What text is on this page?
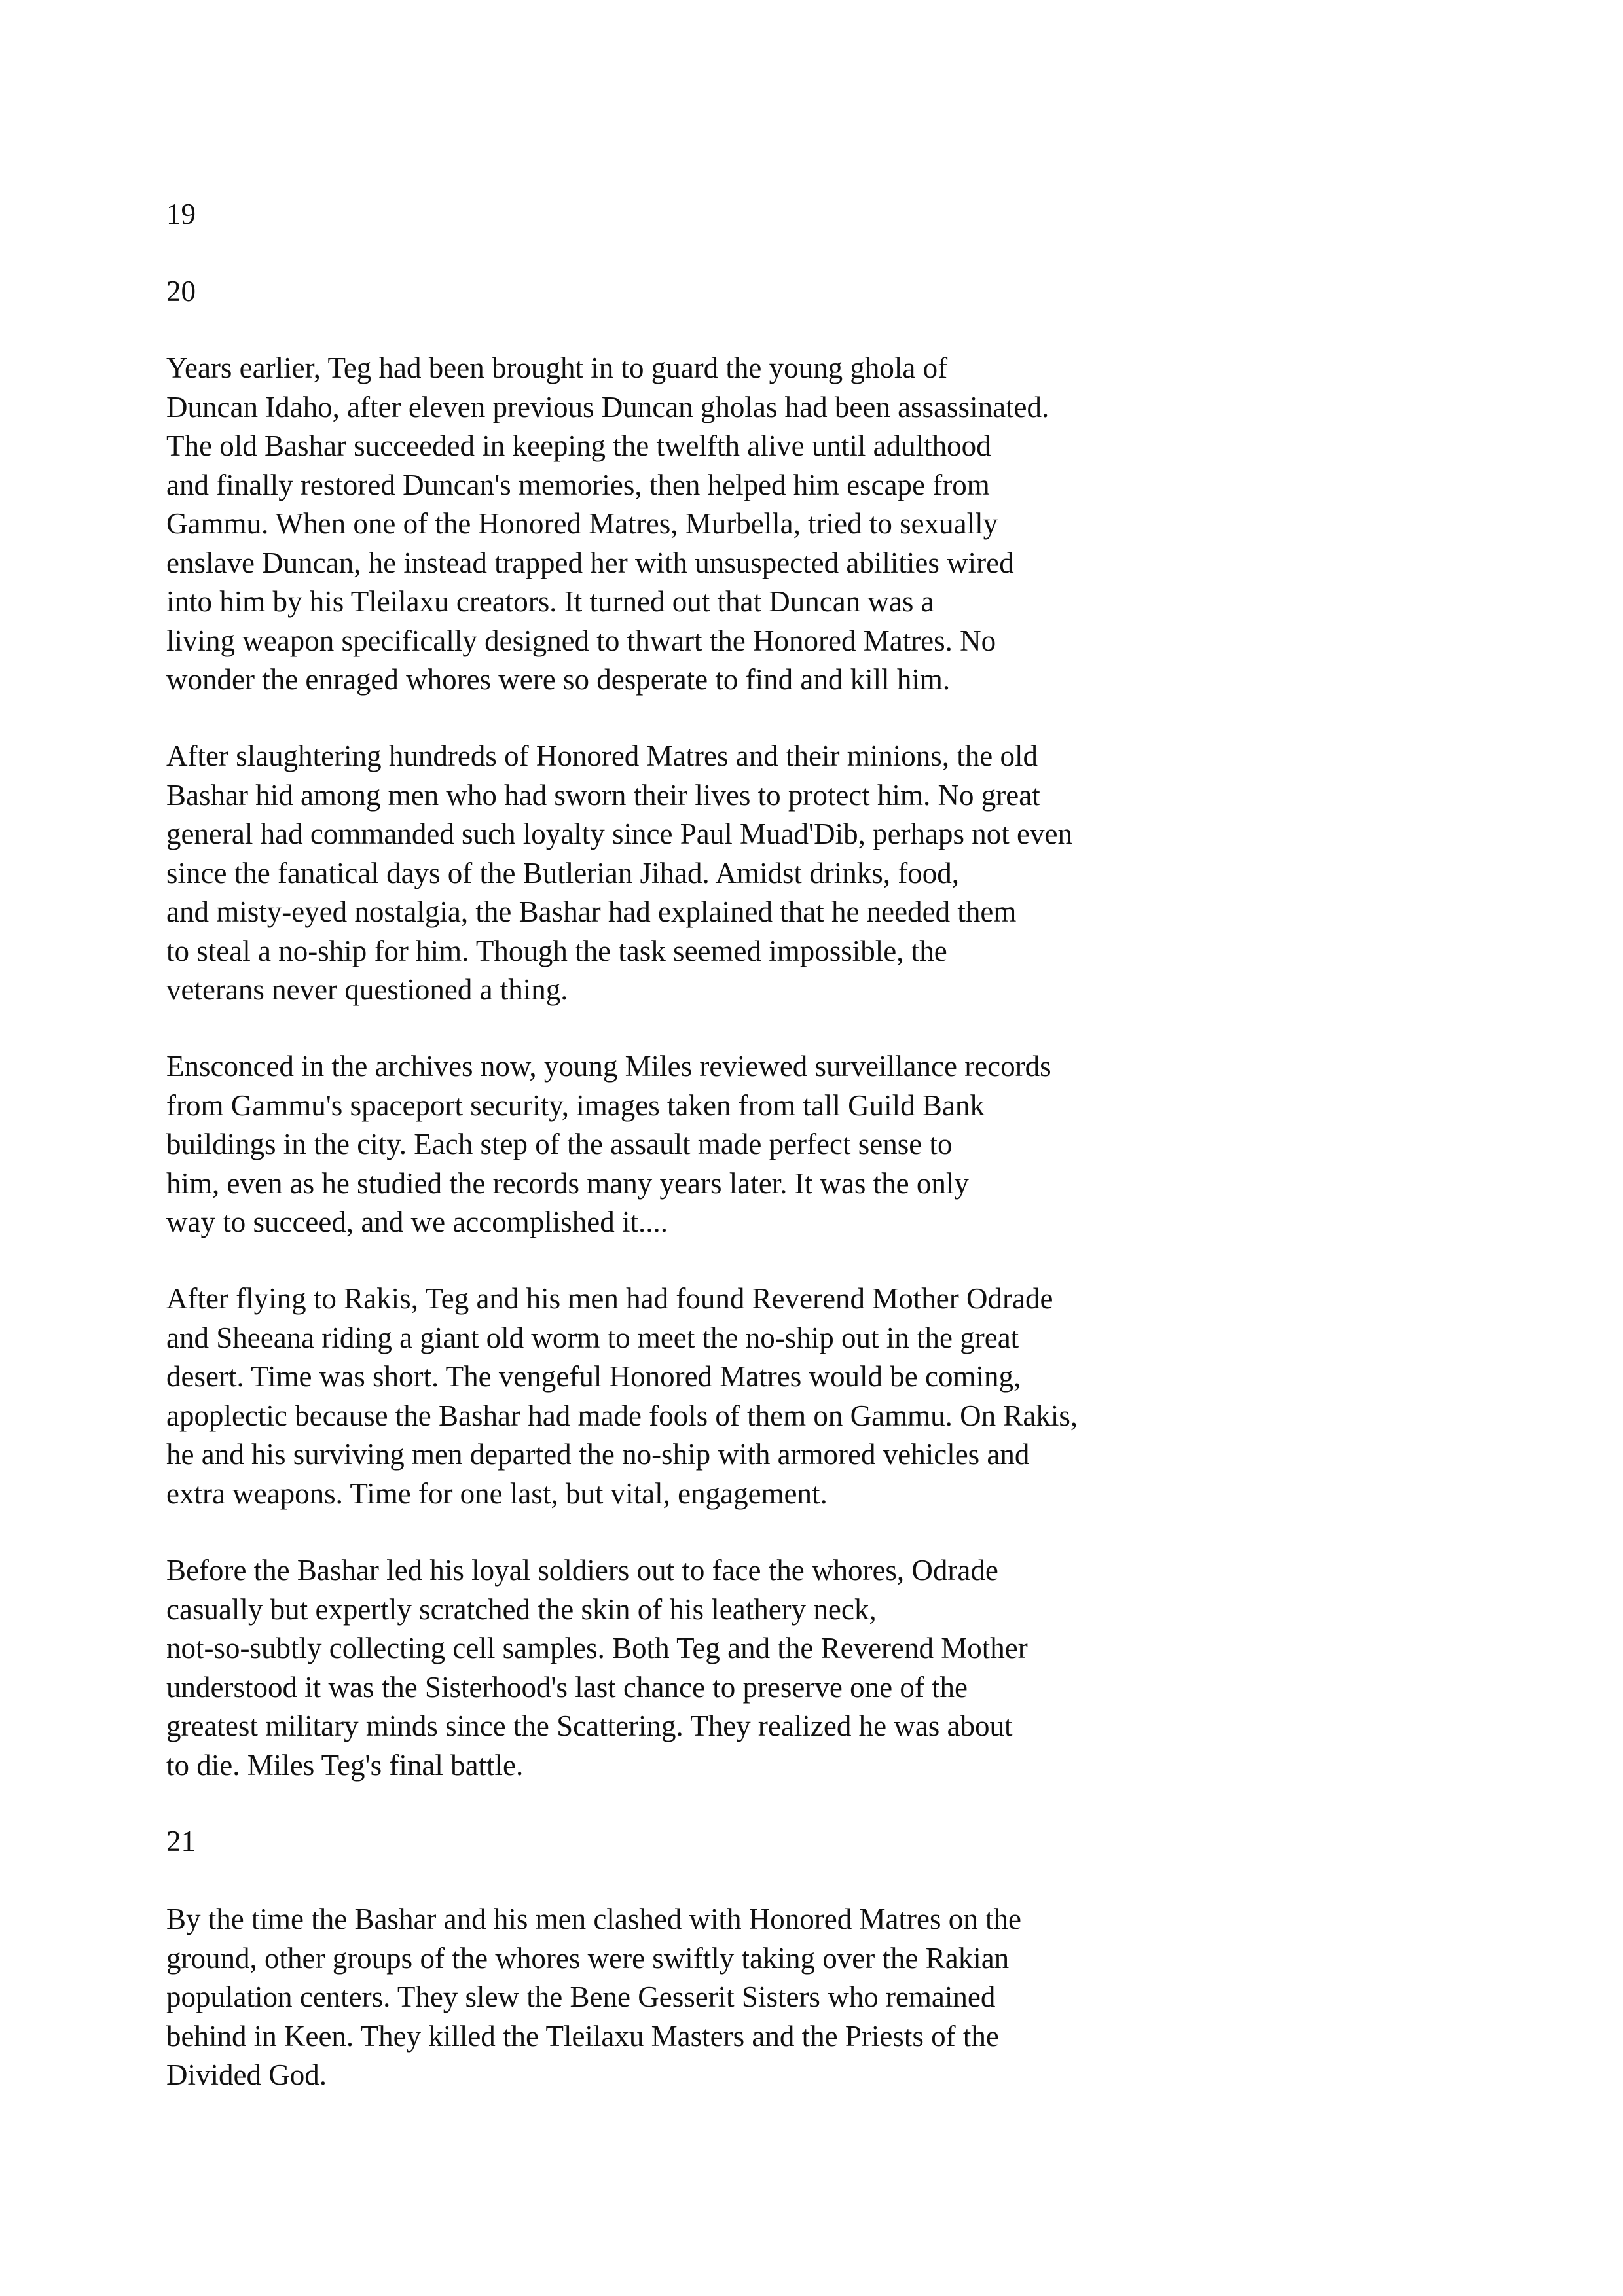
19

20

Years earlier, Teg had been brought in to guard the young ghola of
Duncan Idaho, after eleven previous Duncan gholas had been assassinated.
The old Bashar succeeded in keeping the twelfth alive until adulthood
and finally restored Duncan's memories, then helped him escape from
Gammu. When one of the Honored Matres, Murbella, tried to sexually
enslave Duncan, he instead trapped her with unsuspected abilities wired
into him by his Tleilaxu creators. It turned out that Duncan was a
living weapon specifically designed to thwart the Honored Matres. No
wonder the enraged whores were so desperate to find and kill him.

After slaughtering hundreds of Honored Matres and their minions, the old
Bashar hid among men who had sworn their lives to protect him. No great
general had commanded such loyalty since Paul Muad'Dib, perhaps not even
since the fanatical days of the Butlerian Jihad. Amidst drinks, food,
and misty-eyed nostalgia, the Bashar had explained that he needed them
to steal a no-ship for him. Though the task seemed impossible, the
veterans never questioned a thing.

Ensconced in the archives now, young Miles reviewed surveillance records
from Gammu's spaceport security, images taken from tall Guild Bank
buildings in the city. Each step of the assault made perfect sense to
him, even as he studied the records many years later. It was the only
way to succeed, and we accomplished it....

After flying to Rakis, Teg and his men had found Reverend Mother Odrade
and Sheeana riding a giant old worm to meet the no-ship out in the great
desert. Time was short. The vengeful Honored Matres would be coming,
apoplectic because the Bashar had made fools of them on Gammu. On Rakis,
he and his surviving men departed the no-ship with armored vehicles and
extra weapons. Time for one last, but vital, engagement.

Before the Bashar led his loyal soldiers out to face the whores, Odrade
casually but expertly scratched the skin of his leathery neck,
not-so-subtly collecting cell samples. Both Teg and the Reverend Mother
understood it was the Sisterhood's last chance to preserve one of the
greatest military minds since the Scattering. They realized he was about
to die. Miles Teg's final battle.

21

By the time the Bashar and his men clashed with Honored Matres on the
ground, other groups of the whores were swiftly taking over the Rakian
population centers. They slew the Bene Gesserit Sisters who remained
behind in Keen. They killed the Tleilaxu Masters and the Priests of the
Divided God.
